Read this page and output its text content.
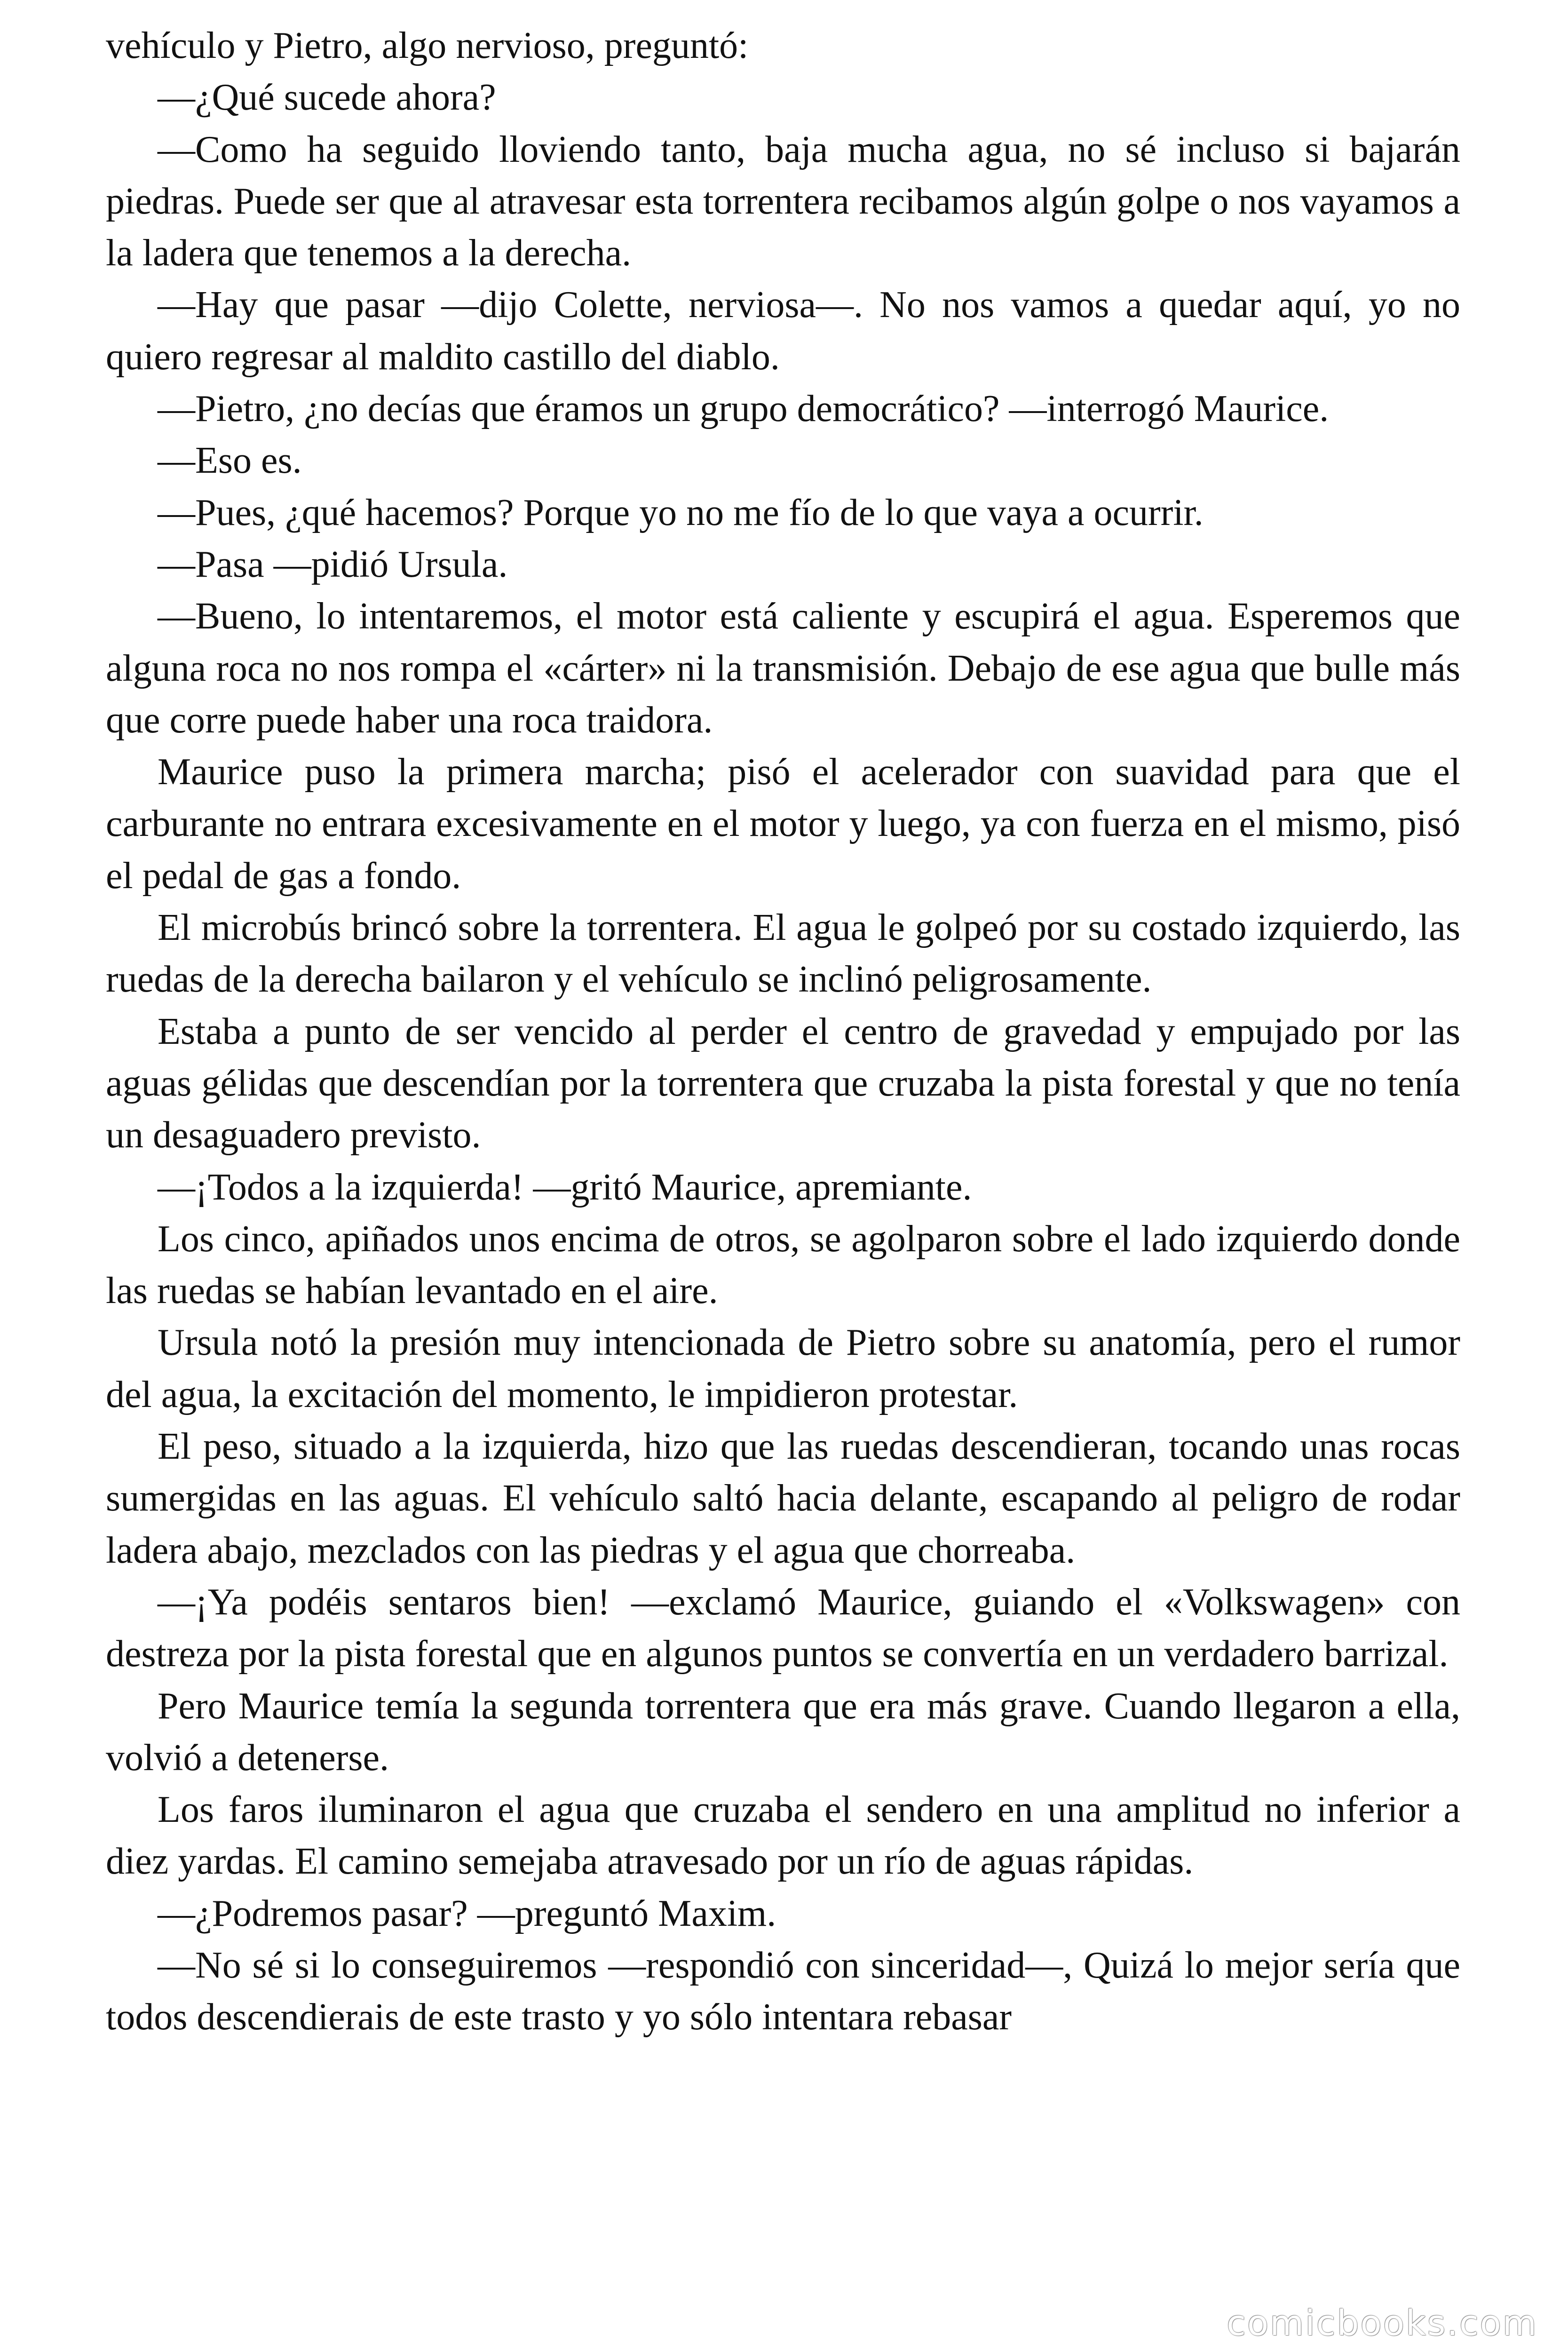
vehículo y Pietro, algo nervioso, preguntó:

—¿Qué sucede ahora?

—Como ha seguido lloviendo tanto, baja mucha agua, no sé incluso si bajarán piedras. Puede ser que al atravesar esta torrentera recibamos algún golpe o nos vayamos a la ladera que tenemos a la derecha.

—Hay que pasar —dijo Colette, nerviosa—. No nos vamos a quedar aquí, yo no quiero regresar al maldito castillo del diablo.

—Pietro, ¿no decías que éramos un grupo democrático? —interrogó Maurice.

—Eso es.

—Pues, ¿qué hacemos? Porque yo no me fío de lo que vaya a ocurrir.

—Pasa —pidió Ursula.

—Bueno, lo intentaremos, el motor está caliente y escupirá el agua. Esperemos que alguna roca no nos rompa el «cárter» ni la transmisión. Debajo de ese agua que bulle más que corre puede haber una roca traidora.

Maurice puso la primera marcha; pisó el acelerador con suavidad para que el carburante no entrara excesivamente en el motor y luego, ya con fuerza en el mismo, pisó el pedal de gas a fondo.

El microbús brincó sobre la torrentera. El agua le golpeó por su costado izquierdo, las ruedas de la derecha bailaron y el vehículo se inclinó peligrosamente.

Estaba a punto de ser vencido al perder el centro de gravedad y empujado por las aguas gélidas que descendían por la torrentera que cruzaba la pista forestal y que no tenía un desaguadero previsto.

—¡Todos a la izquierda! —gritó Maurice, apremiante.

Los cinco, apiñados unos encima de otros, se agolparon sobre el lado izquierdo donde las ruedas se habían levantado en el aire.

Ursula notó la presión muy intencionada de Pietro sobre su anatomía, pero el rumor del agua, la excitación del momento, le impidieron protestar.

El peso, situado a la izquierda, hizo que las ruedas descendieran, tocando unas rocas sumergidas en las aguas. El vehículo saltó hacia delante, escapando al peligro de rodar ladera abajo, mezclados con las piedras y el agua que chorreaba.

—¡Ya podéis sentaros bien! —exclamó Maurice, guiando el «Volkswagen» con destreza por la pista forestal que en algunos puntos se convertía en un verdadero barrizal.

Pero Maurice temía la segunda torrentera que era más grave. Cuando llegaron a ella, volvió a detenerse.

Los faros iluminaron el agua que cruzaba el sendero en una amplitud no inferior a diez yardas. El camino semejaba atravesado por un río de aguas rápidas.

—¿Podremos pasar? —preguntó Maxim.

—No sé si lo conseguiremos —respondió con sinceridad—, Quizá lo mejor sería que todos descendierais de este trasto y yo sólo intentara rebasar

comicbooks.com
